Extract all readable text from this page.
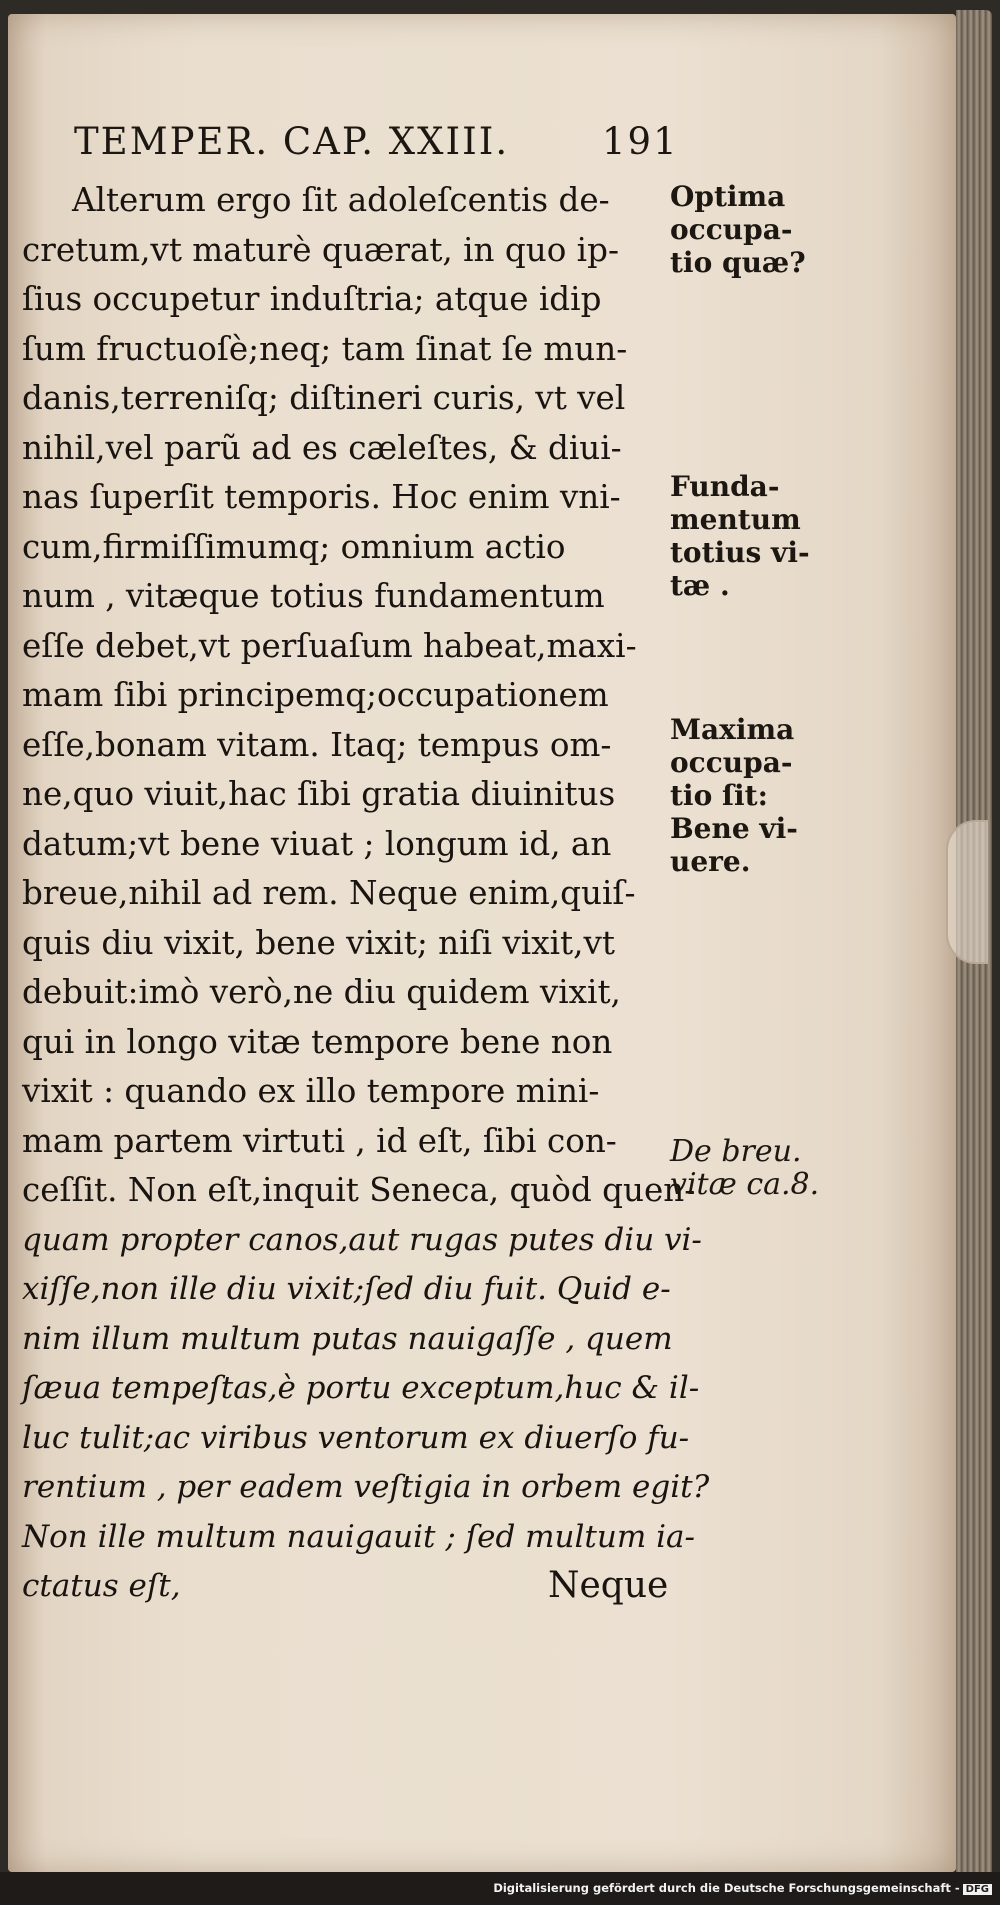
TEMPER. CAP. XXIII.	191
Alterum ergo ſit adoleſcentis de-
cretum,vt maturè quærat, in quo ip-
ſius occupetur induſtria; atque idip
ſum fructuoſè;neq; tam ſinat ſe mun-
danis,terreniſq; diſtineri curis, vt vel
nihil,vel parũ ad es cæleſtes, & diui-
nas ſuperſit temporis. Hoc enim vni-
cum,firmiſſimumq; omnium actio
num , vitæque totius fundamentum
eſſe debet,vt perſuaſum habeat,maxi-
mam ſibi principemq;occupationem
eſſe,bonam vitam. Itaq; tempus om-
ne,quo viuit,hac ſibi gratia diuinitus
datum;vt bene viuat ; longum id, an
breue,nihil ad rem. Neque enim,quiſ-
quis diu vixit, bene vixit; niſi vixit,vt
debuit:imò verò,ne diu quidem vixit,
qui in longo vitæ tempore bene non
vixit : quando ex illo tempore mini-
mam partem virtuti , id eſt, ſibi con-
ceſſit. Non eſt,inquit Seneca, quòd quen-
quam propter canos,aut rugas putes diu vi-
xiſſe,non ille diu vixit;ſed diu fuit. Quid e-
nim illum multum putas nauigaſſe , quem
ſæua tempeſtas,è portu exceptum,huc & il-
luc tulit;ac viribus ventorum ex diuerſo fu-
rentium , per eadem veſtigia in orbem egit?
Non ille multum nauigauit ; ſed multum ia-
ctatus eſt,
Optima
occupa-
tio quæ?
Funda-
mentum
totius vi-
tæ .
Maxima
occupa-
tio ſit:
Bene vi-
uere.
De breu.
vitæ ca.8.
Neque
Digitalisierung gefördert durch die Deutsche Forschungsgemeinschaft - DFG
